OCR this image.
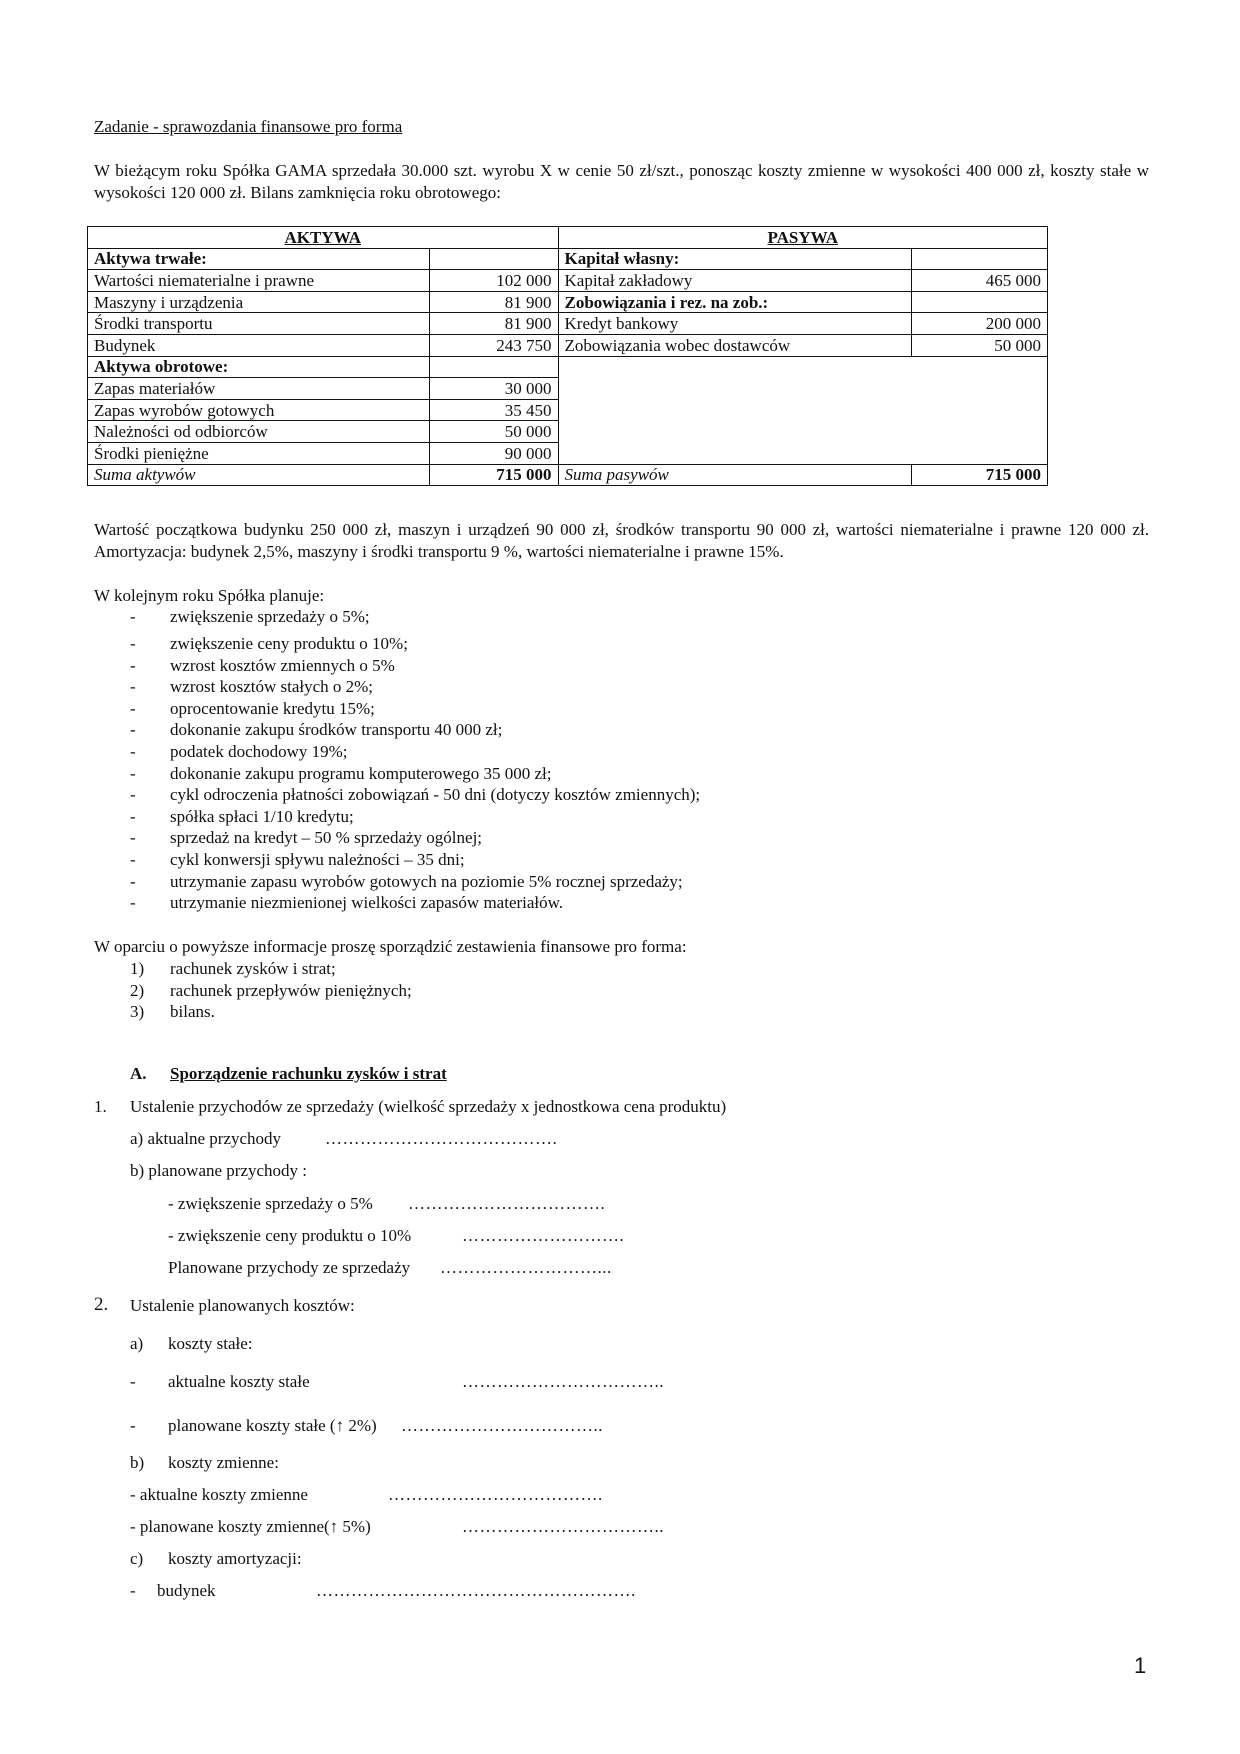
Zadanie - sprawozdania finansowe pro forma
W bieżącym roku Spółka GAMA sprzedała 30.000 szt. wyrobu X w cenie 50 zł/szt., ponosząc koszty zmienne w wysokości 400 000 zł, koszty stałe w wysokości 120 000 zł. Bilans zamknięcia roku obrotowego:
AKTYWA		PASYWA	
Aktywa trwałe:		Kapitał własny:	
Wartości niematerialne i prawne	102 000	Kapitał zakładowy	465 000
Maszyny i urządzenia	81 900	Zobowiązania i rez. na zob.:	
Środki transportu	81 900	Kredyt bankowy	200 000
Budynek	243 750	Zobowiązania wobec dostawców	50 000
Aktywa obrotowe:			
Zapas materiałów	30 000		
Zapas wyrobów gotowych	35 450		
Należności od odbiorców	50 000		
Środki pieniężne	90 000		
Suma aktywów	715 000	Suma pasywów	715 000
Wartość początkowa budynku 250 000 zł, maszyn i urządzeń 90 000 zł, środków transportu 90 000 zł, wartości niematerialne i prawne 120 000 zł. Amortyzacja: budynek 2,5%, maszyny i środki transportu 9 %, wartości niematerialne i prawne 15%.
W kolejnym roku Spółka planuje:
- zwiększenie sprzedaży o 5%;
- zwiększenie ceny produktu o 10%;
- wzrost kosztów zmiennych o 5%
- wzrost kosztów stałych o 2%;
- oprocentowanie kredytu 15%;
- dokonanie zakupu środków transportu 40 000 zł;
- podatek dochodowy 19%;
- dokonanie zakupu programu komputerowego 35 000 zł;
- cykl odroczenia płatności zobowiązań - 50 dni (dotyczy kosztów zmiennych);
- spółka spłaci 1/10 kredytu;
- sprzedaż na kredyt – 50 % sprzedaży ogólnej;
- cykl konwersji spływu należności – 35 dni;
- utrzymanie zapasu wyrobów gotowych na poziomie 5% rocznej sprzedaży;
- utrzymanie niezmienionej wielkości zapasów materiałów.
W oparciu o powyższe informacje proszę sporządzić zestawienia finansowe pro forma:
1) rachunek zysków i strat;
2) rachunek przepływów pieniężnych;
3) bilans.
A. Sporządzenie rachunku zysków i strat
1. Ustalenie przychodów ze sprzedaży (wielkość sprzedaży x jednostkowa cena produktu)
a) aktualne przychody	………………………………….
b) planowane przychody :
- zwiększenie sprzedaży o 5% …………………………….
- zwiększenie ceny produktu o 10%	……………………….
Planowane przychody ze sprzedaży ………………………...
2. Ustalenie planowanych kosztów:
a) koszty stałe:
- aktualne koszty stałe	……………………………..
- planowane koszty stałe (↑ 2%) ……………………………..
b) koszty zmienne:
- aktualne koszty zmienne	……………………………….
- planowane koszty zmienne(↑ 5%)	……………………………..
c) koszty amortyzacji:
- budynek	……………………………………………….
1
